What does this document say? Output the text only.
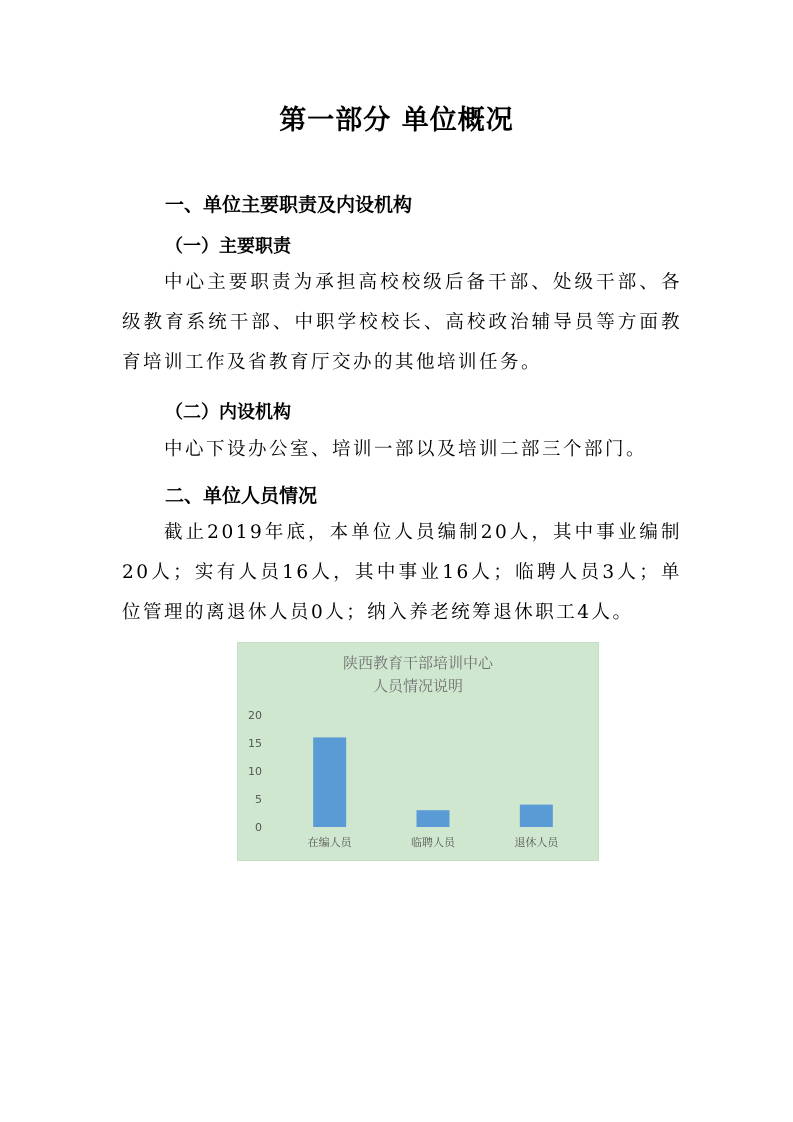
第一部分 单位概况
一、单位主要职责及内设机构
（一）主要职责

中心主要职责为承担高校校级后备干部、处级干部、各级教育系统干部、中职学校校长、高校政治辅导员等方面教育培训工作及省教育厅交办的其他培训任务。

（二）内设机构

中心下设办公室、培训一部以及培训二部三个部门。

二、单位人员情况

截止2019年底，本单位人员编制20人，其中事业编制20人；实有人员16人，其中事业16人；临聘人员3人；单位管理的离退休人员0人；纳入养老统筹退休职工4人。

陕西教育干部培训中心
人员情况说明
0
5
10
15
20
在编人员	临聘人员	退休人员
